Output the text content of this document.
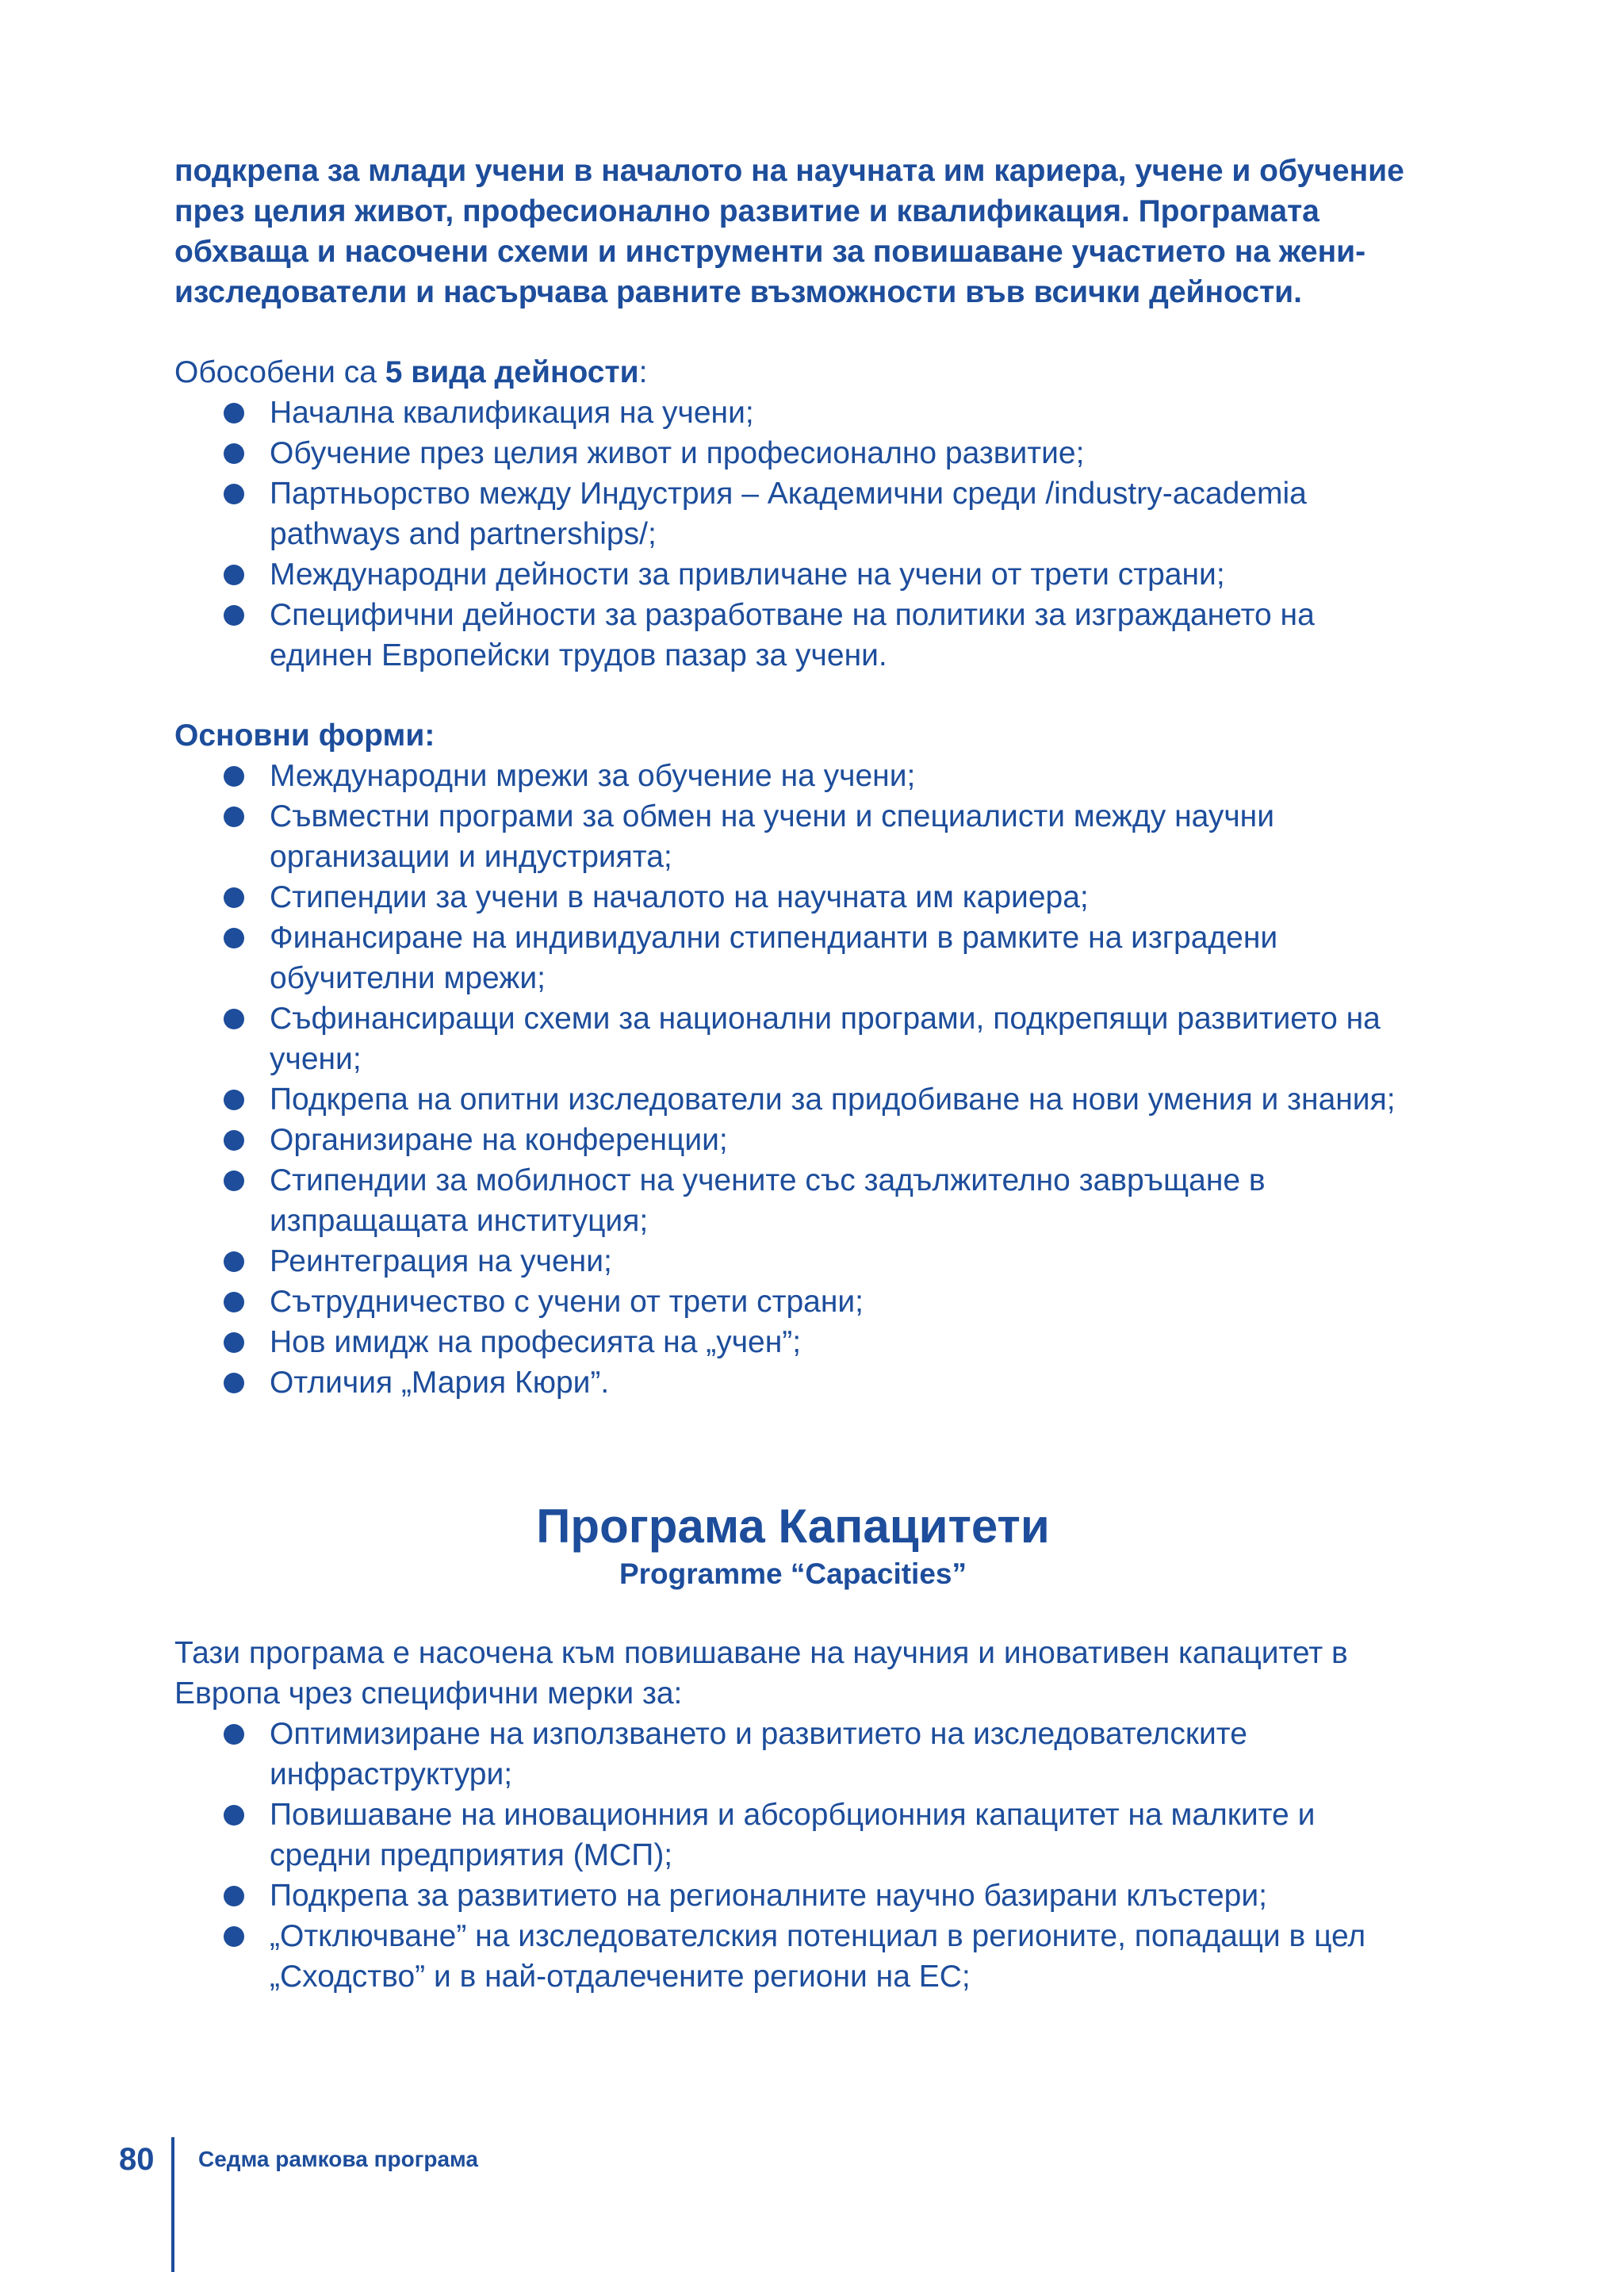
подкрепа за млади учени в началото на научната им кариера, учене и обучение през целия живот, професионално развитие и квалификация. Програмата обхваща и насочени схеми и инструменти за повишаване участието на жени-изследователи и насърчава равните възможности във всички дейности.

Обособени са 5 вида дейности:

Начална квалификация на учени;
Обучение през целия живот и професионално развитие;
Партньорство между Индустрия – Академични среди /industry-academia pathways and partnerships/;
Международни дейности за привличане на учени от трети страни;
Специфични дейности за разработване на политики за изграждането на единен Европейски трудов пазар за учени.

Основни форми:

Международни мрежи за обучение на учени;
Съвместни програми за обмен на учени и специалисти между научни организации и индустрията;
Стипендии за учени в началото на научната им кариера;
Финансиране на индивидуални стипендианти в рамките на изградени обучителни мрежи;
Съфинансиращи схеми за национални програми, подкрепящи развитието на учени;
Подкрепа на опитни изследователи за придобиване на нови умения и знания;
Организиране на конференции;
Стипендии за мобилност на учените със задължително завръщане в изпращащата институция;
Реинтеграция на учени;
Сътрудничество с учени от трети страни;
Нов имидж на професията на „учен”;
Отличия „Мария Кюри”.
Програма Капацитети

Programme “Capacities”

Тази програма е насочена към повишаване на научния и иновативен капацитет в Европа чрез специфични мерки за:

Оптимизиране на използването и развитието на изследователските инфраструктури;
Повишаване на иновационния и абсорбционния капацитет на малките и средни предприятия (МСП);
Подкрепа за развитието на регионалните научно базирани клъстери;
„Отключване” на изследователския потенциал в регионите, попадащи в цел „Сходство” и в най-отдалечените региони на ЕС;
80 Седма рамкова програма
